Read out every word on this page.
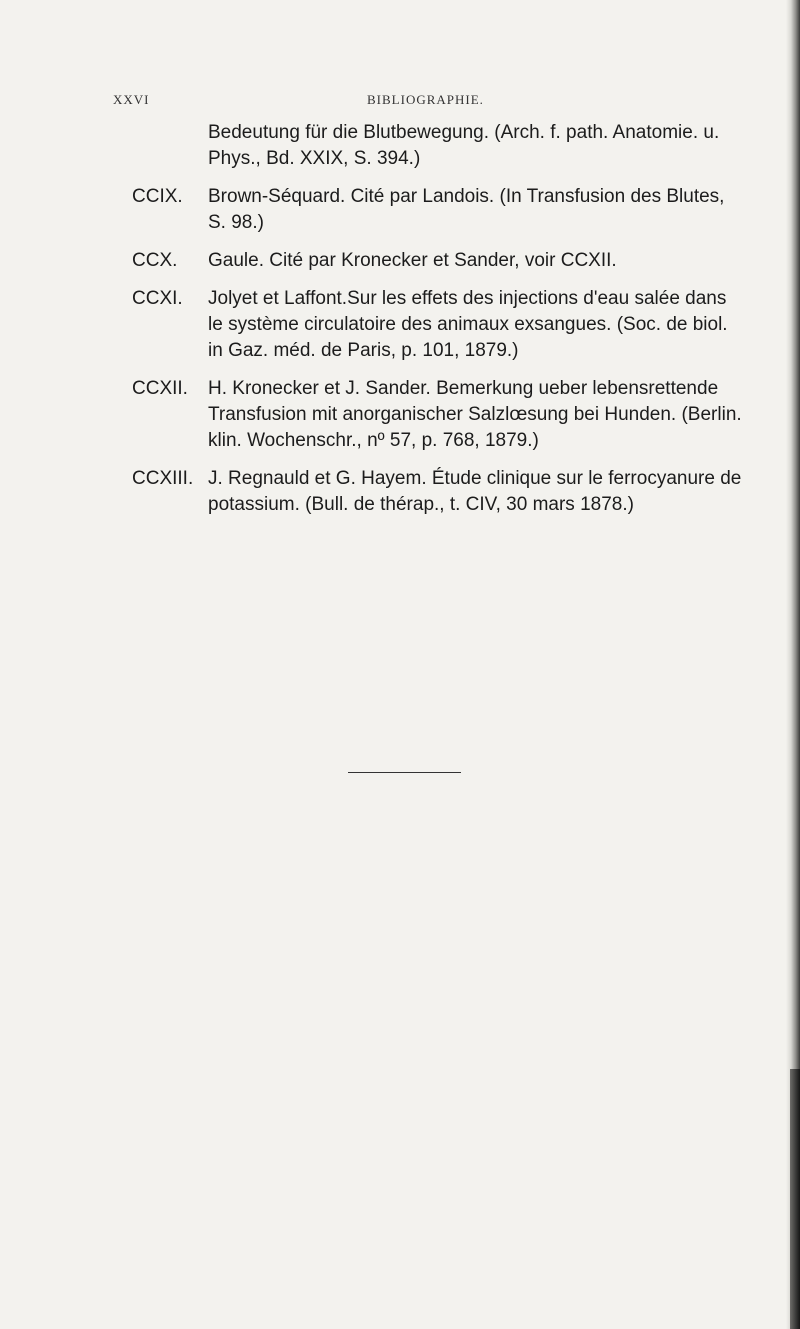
XXVI	BIBLIOGRAPHIE.
Bedeutung für die Blutbewegung. (Arch. f. path. Anatomie. u. Phys., Bd. XXIX, S. 394.)
CCIX. Brown-Séquard. Cité par Landois. (In Transfusion des Blutes, S. 98.)
CCX. Gaule. Cité par Kronecker et Sander, voir CCXII.
CCXI. Jolyet et Laffont.Sur les effets des injections d'eau salée dans le système circulatoire des animaux exsangues. (Soc. de biol. in Gaz. méd. de Paris, p. 101, 1879.)
CCXII. H. Kronecker et J. Sander. Bemerkung ueber lebensrettende Transfusion mit anorganischer Salzlœsung bei Hunden. (Berlin. klin. Wochenschr., nº 57, p. 768, 1879.)
CCXIII. J. Regnauld et G. Hayem. Étude clinique sur le ferrocyanure de potassium. (Bull. de thérap., t. CIV, 30 mars 1878.)
